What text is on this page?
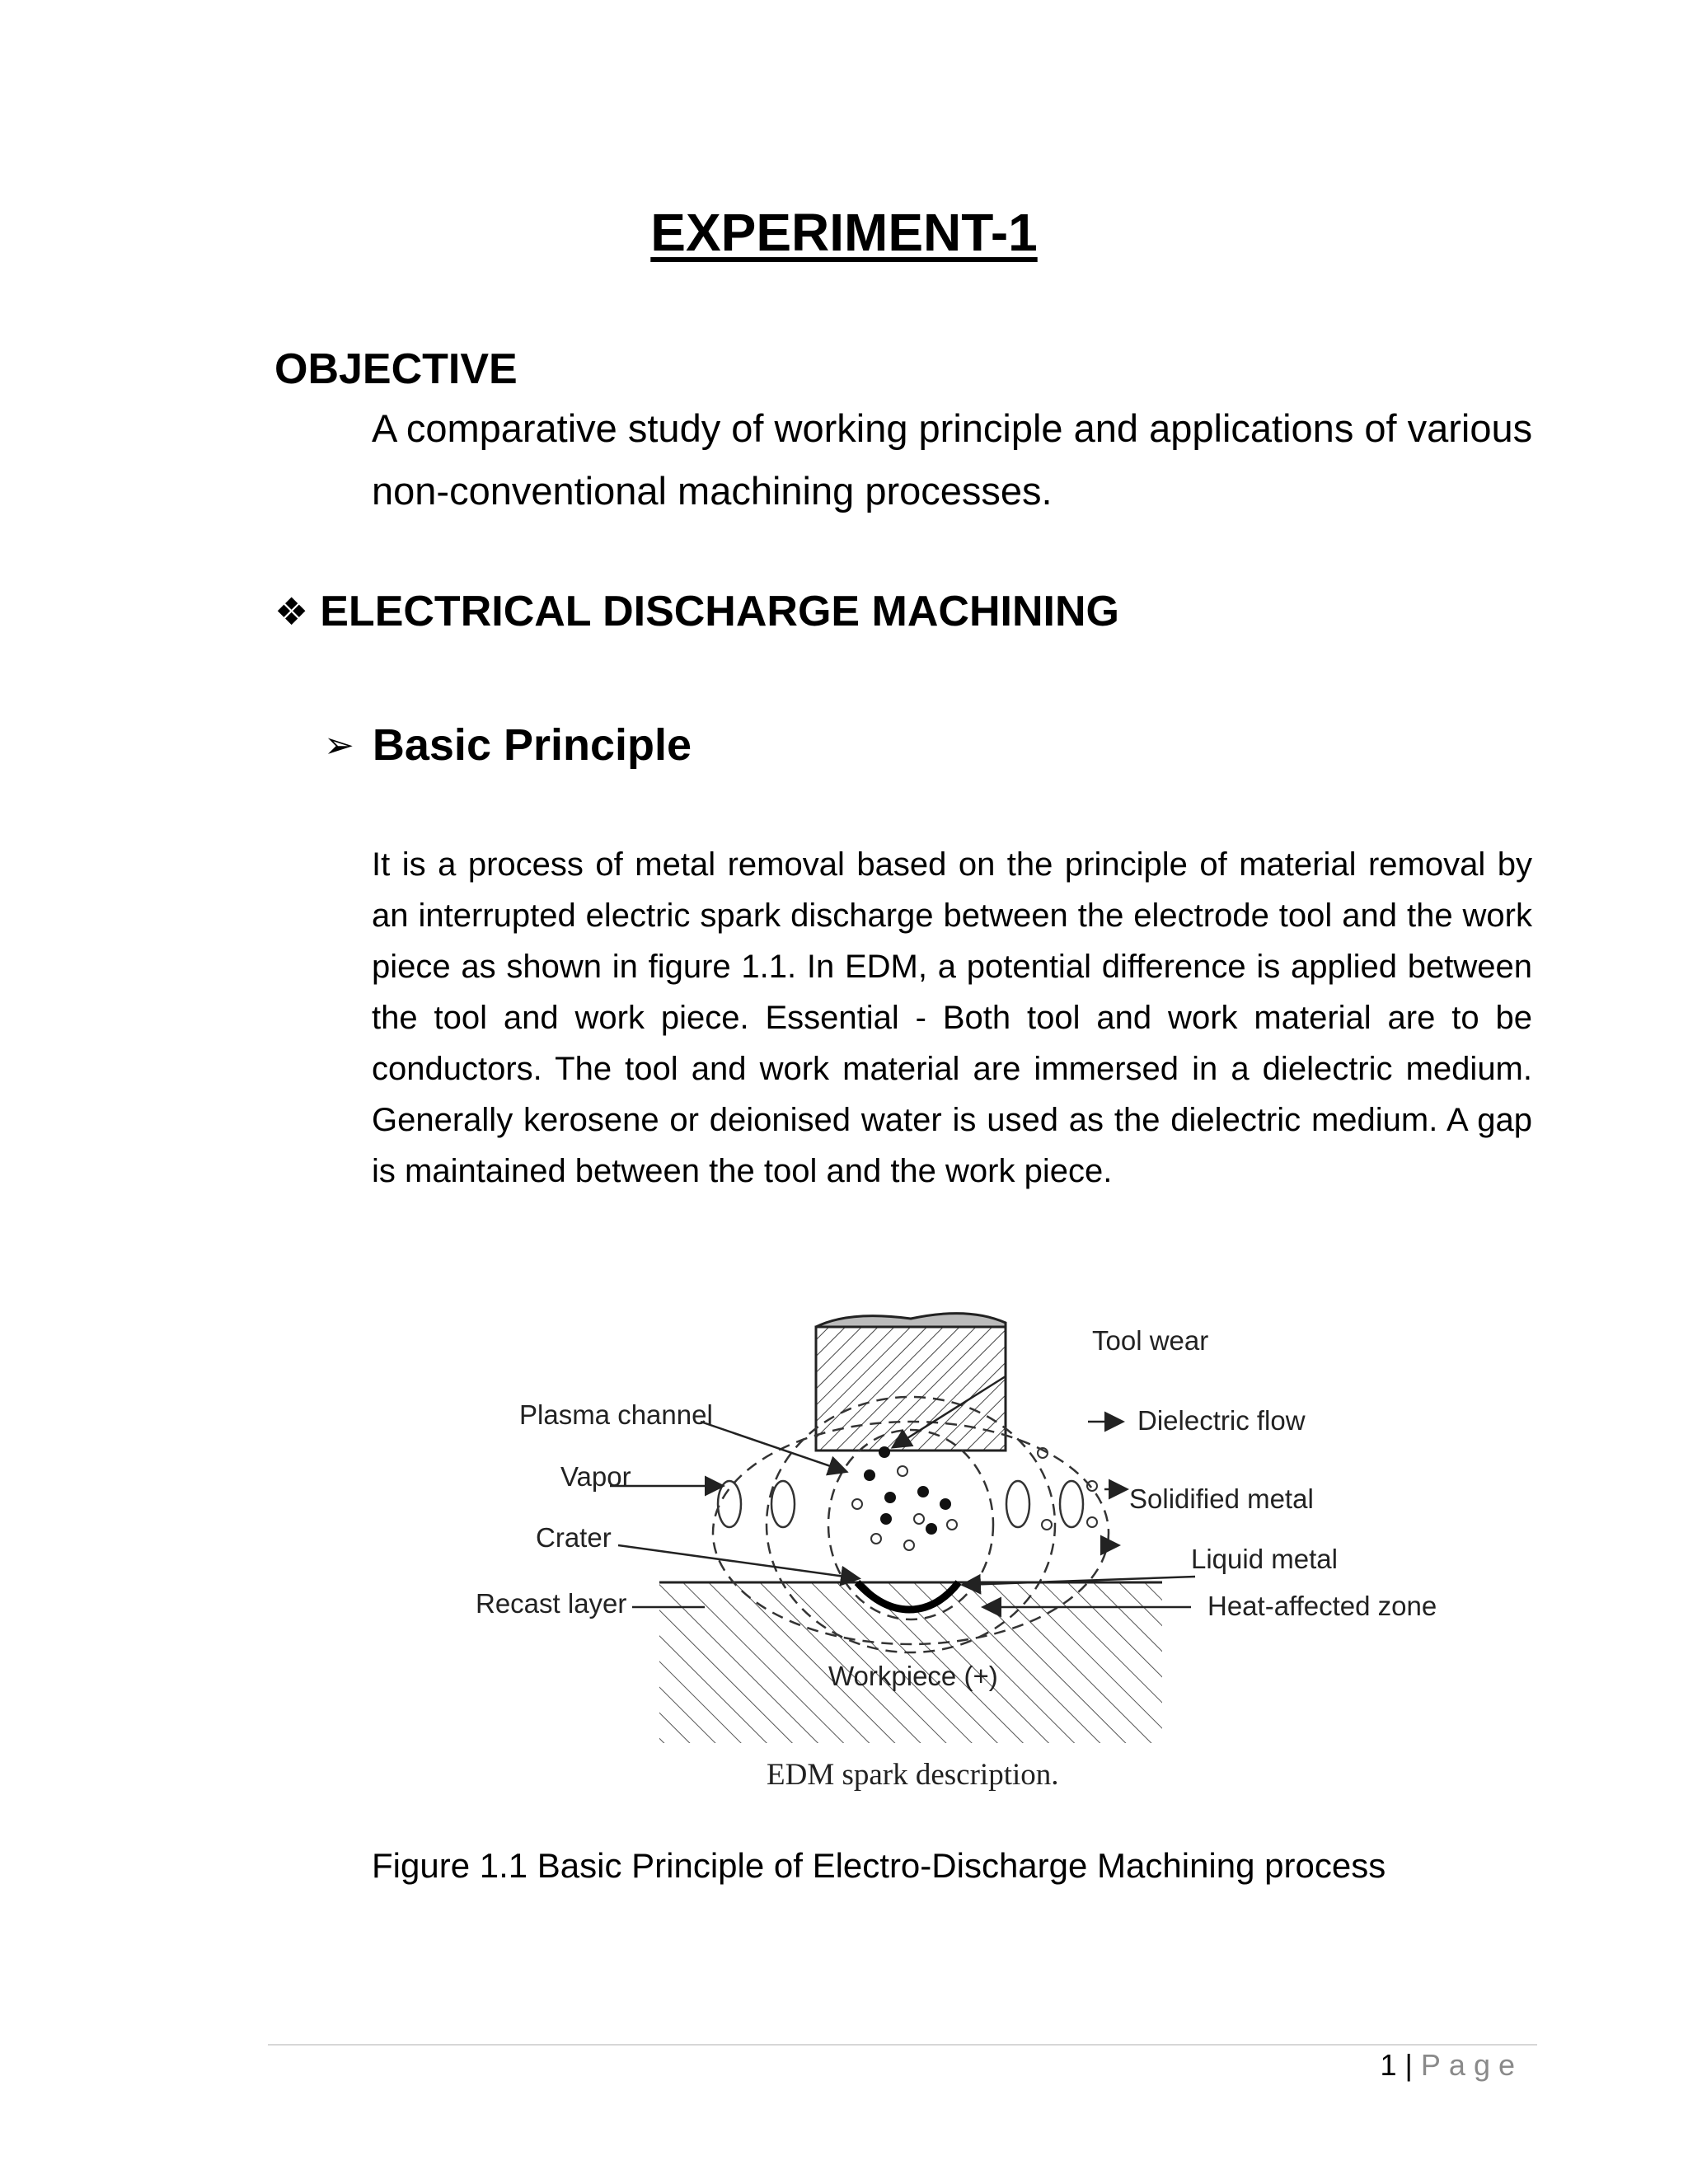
EXPERIMENT-1
OBJECTIVE
A comparative study of working principle and applications of various non-conventional machining processes.
❖ ELECTRICAL DISCHARGE MACHINING
➢ Basic Principle
It is a process of metal removal based on the principle of material removal by an interrupted electric spark discharge between the electrode tool and the work piece as shown in figure 1.1. In EDM, a potential difference is applied between the tool and work piece. Essential - Both tool and work material are to be conductors. The tool and work material are immersed in a dielectric medium. Generally kerosene or deionised water is used as the dielectric medium. A gap is maintained between the tool and the work piece.
Tool wear
Plasma channel	Dielectric flow
Vapor
Solidified metal
Crater
Liquid metal
Recast layer	Heat-affected zone
Workpiece (+)
EDM spark description.
Figure 1.1 Basic Principle of Electro-Discharge Machining process
1 | Page
